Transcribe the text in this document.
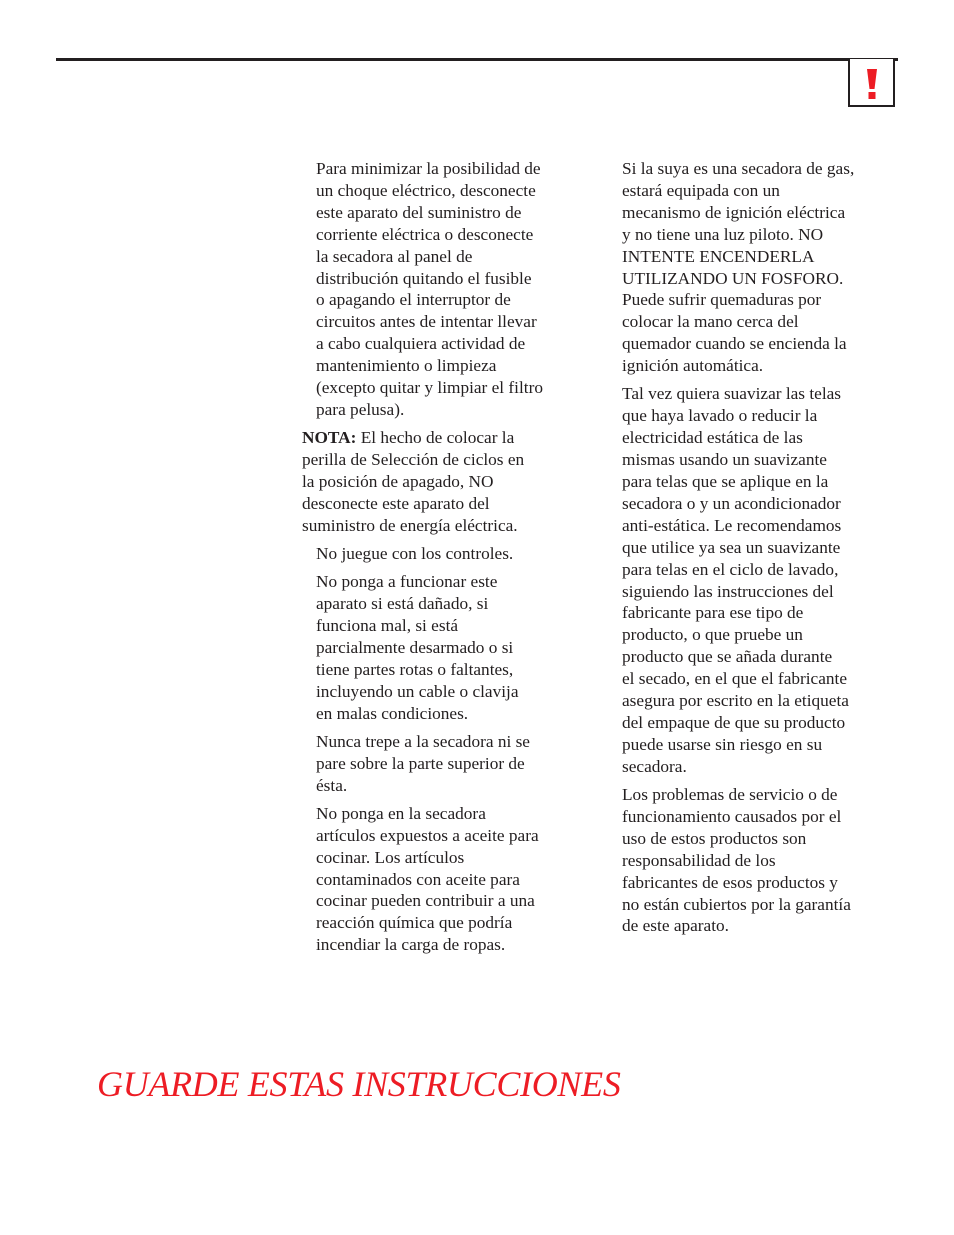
Para minimizar la posibilidad de
un choque eléctrico, desconecte
este aparato del suministro de
corriente eléctrica o desconecte
la secadora al panel de
distribución quitando el fusible
o apagando el interruptor de
circuitos antes de intentar llevar
a cabo cualquiera actividad de
mantenimiento o limpieza
(excepto quitar y limpiar el filtro
para pelusa).

NOTA: El hecho de colocar la
perilla de Selección de ciclos en
la posición de apagado, NO
desconecte este aparato del
suministro de energía eléctrica.

No juegue con los controles.

No ponga a funcionar este
aparato si está dañado, si
funciona mal, si está
parcialmente desarmado o si
tiene partes rotas o faltantes,
incluyendo un cable o clavija
en malas condiciones.

Nunca trepe a la secadora ni se
pare sobre la parte superior de
ésta.

No ponga en la secadora
artículos expuestos a aceite para
cocinar. Los artículos
contaminados con aceite para
cocinar pueden contribuir a una
reacción química que podría
incendiar la carga de ropas.

Si la suya es una secadora de gas,
estará equipada con un
mecanismo de ignición eléctrica
y no tiene una luz piloto. NO
INTENTE ENCENDERLA
UTILIZANDO UN FOSFORO.
Puede sufrir quemaduras por
colocar la mano cerca del
quemador cuando se encienda la
ignición automática.

Tal vez quiera suavizar las telas
que haya lavado o reducir la
electricidad estática de las
mismas usando un suavizante
para telas que se aplique en la
secadora o y un acondicionador
anti-estática. Le recomendamos
que utilice ya sea un suavizante
para telas en el ciclo de lavado,
siguiendo las instrucciones del
fabricante para ese tipo de
producto, o que pruebe un
producto que se añada durante
el secado, en el que el fabricante
asegura por escrito en la etiqueta
del empaque de que su producto
puede usarse sin riesgo en su
secadora.

Los problemas de servicio o de
funcionamiento causados por el
uso de estos productos son
responsabilidad de los
fabricantes de esos productos y
no están cubiertos por la garantía
de este aparato.

GUARDE ESTAS INSTRUCCIONES
